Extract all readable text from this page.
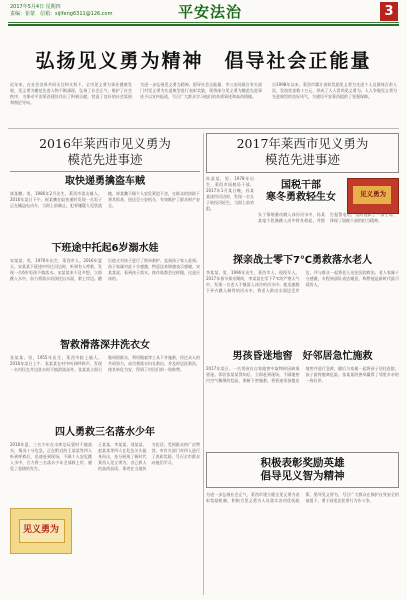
2017年5月4日 星期四
责编：崔蒙　信箱：sijifeng6311@126.com	平安法治	3
弘扬见义勇为精神　倡导社会正能量
近年来，在社会各界共同关注和支持下，全市见义勇为事业健康发展，见义勇为模范先进人物不断涌现，弘扬了社会正气，维护了社会秩序，为推动平安莱西建设作出了积极贡献，营造了良好的社会氛围和舆论导向。
为进一步弘扬见义勇为精神，倡导社会正能量，市公安局联合有关部门对见义勇为先进典型进行表彰奖励，现将部分见义勇为模范先进事迹予以宣传报道，号召广大群众学习他们的英勇事迹和高尚情操。
自1998年以来，莱西市累计表彰奖励见义勇为先进个人及群体百余人次，发放奖金数十万元，形成了人人崇尚见义勇为、人人争做见义勇为先进典型的良好风气，为建设平安莱西提供了坚强保障。
2016年莱西市见义勇为
模范先进事迹
取快递勇擒盗车贼
崔某鹏，男，1986年2月出生，莱西市姜山镇人。2016年某日下午，崔某鹏在取快递时发现一名男子正在撬盗电动车，当即上前制止。犯罪嫌疑人见状逃跑，崔某鹏不顾个人安危紧追不舍，在群众的协助下将其抓获，扭送至公安机关，有效维护了群众财产安全。
下班途中托起6岁溺水娃
宋某某，男，1976年出生，莱西市人。2016年夏天，宋某某下班途中经过河边时，听到有人呼救，发现一名6岁男孩不慎落水。宋某某来不及多想，立即跳入水中，奋力将落水男孩托出水面，救上岸边。随后他又对孩子进行了简单救护，直到孩子家人赶到。孩子家属对此十分感激，特意送来锦旗表示感谢。宋某某说，看到孩子落水，换作谁都会这样做，这是应该的。
智救滑落深井洗衣女
张某某，男，1955年出生，莱西市院上镇人。2016年某日上午，张某某在村中听到呼救声，发现一名村民在井边洗衣时不慎滑落深井。张某某立即召集周围群众，利用绳索等工具下井施救，经过众人的共同努力，成功将落水妇女救出，并及时送医救治，使其转危为安，得到了村民们的一致称赞。
四人勇救三名落水少年
2016年夏，三名少年在水库边玩耍时不慎落水，情况十分危急。正在附近的王某某等四人听到呼救后，迅速赶到现场，不顾个人安危跳入水中，合力将三名落水少年全部救上岸，避免了悲剧的发生。
见义勇为
王某某、李某某、刘某某、赵某某等四人在危急关头挺身而出，充分展现了新时代莱西人见义勇为、舍己救人的高尚品质，事迹在当地传为佳话，受到群众的广泛赞誉。市有关部门对四人进行了表彰奖励，号召全市群众向他们学习。
2017年莱西市见义勇为
模范先进事迹
孙某某，男，1978年出生，莱西市国税局干部。2017年1月某日晚，孙某某途经河边时，发现一名女子欲投河轻生，当即上前劝阻。
国税干部
寒冬勇救轻生女	见义勇为
女子情绪激动跳入冰冷河水中，孙某某毫不犹豫跳入河中将其救起，并拨打报警电话，及时挽救了一条生命，体现了国税干部的担当精神。
探亲战士零下7℃勇救落水老人
李某某，男，1996年出生，莱西市人，现役军人。2017年春节探亲期间，李某某在零下7℃的严寒天气中，发现一名老人不慎落入冰冷的河水中。他迅速脱下外衣跳入刺骨的河水中，将老人救出水面送至岸边，并与群众一起将老人送往医院救治。老人家属十分感激，专程到部队表达谢意，称赞他是新时代最可爱的人。
男孩昏迷地窖　好邻居急忙施救
2017年某日，一名男孩在自家地窖中取物时因缺氧昏迷。邻居张某某得知后，立即赶到现场，不顾地窖内空气稀薄的危险，果断下窖施救，将昏迷男孩抱出地窖并进行急救，随后与家属一起将孩子送往医院，孩子最终脱离危险。张某某的善举赢得了邻里乡亲的一致好评。
积极表彰奖励英雄
倡导见义智为精神
为进一步弘扬社会正气，莱西市建立健全见义勇为表彰奖励机制，积极为见义勇为人员落实各项优抚政策，倡导见义智为，号召广大群众在保护自身安全的前提下，勇于同违法犯罪行为作斗争。
